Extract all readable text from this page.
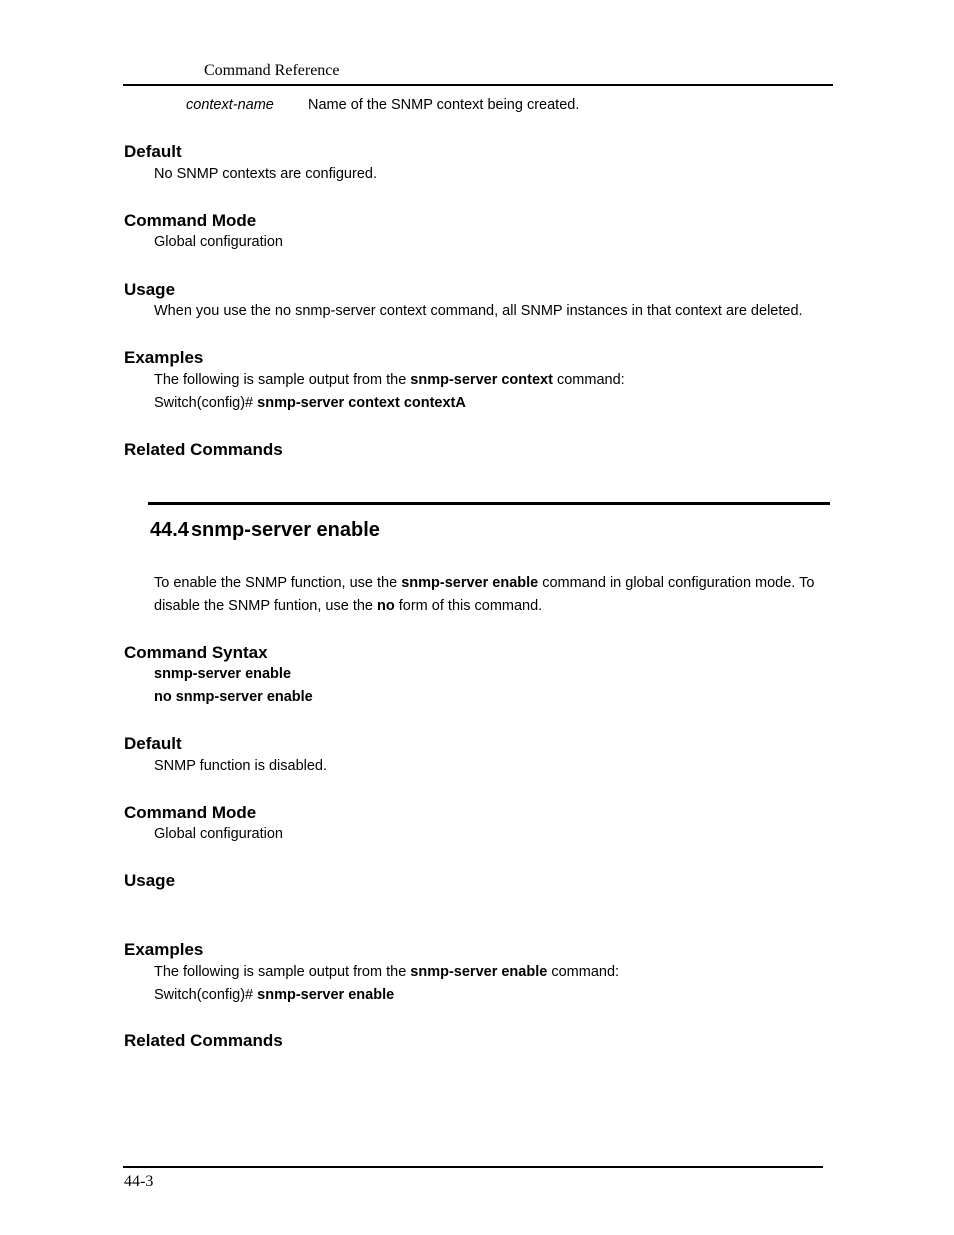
Command Reference
context-name Name of the SNMP context being created.
Default
No SNMP contexts are configured.
Command Mode
Global configuration
Usage
When you use the no snmp-server context command, all SNMP instances in that context are deleted.
Examples
The following is sample output from the snmp-server context command:
Switch(config)# snmp-server context contextA
Related Commands
44.4 snmp-server enable
To enable the SNMP function, use the snmp-server enable command in global configuration mode. To
disable the SNMP funtion, use the no form of this command.
Command Syntax
snmp-server enable
no snmp-server enable
Default
SNMP function is disabled.
Command Mode
Global configuration
Usage
Examples
The following is sample output from the snmp-server enable command:
Switch(config)# snmp-server enable
Related Commands
44-3
